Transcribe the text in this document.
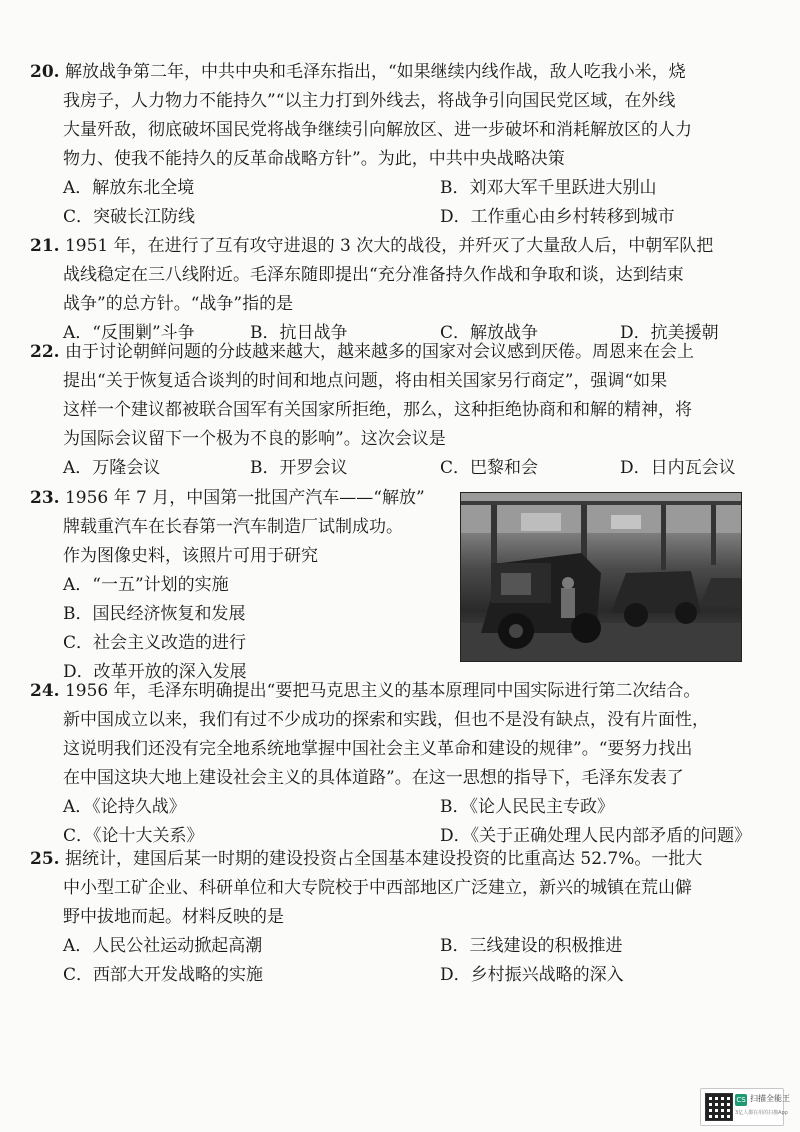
20. 解放战争第二年，中共中央和毛泽东指出，“如果继续内线作战，敌人吃我小米，烧
我房子，人力物力不能持久”“以主力打到外线去，将战争引向国民党区域，在外线
大量歼敌，彻底破坏国民党将战争继续引向解放区、进一步破坏和消耗解放区的人力
物力、使我不能持久的反革命战略方针”。为此，中共中央战略决策
A．解放东北全境	B．刘邓大军千里跃进大别山
C．突破长江防线	D．工作重心由乡村转移到城市
21. 1951 年，在进行了互有攻守进退的 3 次大的战役，并歼灭了大量敌人后，中朝军队把
战线稳定在三八线附近。毛泽东随即提出“充分准备持久作战和争取和谈，达到结束
战争”的总方针。“战争”指的是
A．“反围剿”斗争	B．抗日战争	C．解放战争	D．抗美援朝
22. 由于讨论朝鲜问题的分歧越来越大，越来越多的国家对会议感到厌倦。周恩来在会上
提出“关于恢复适合谈判的时间和地点问题，将由相关国家另行商定”，强调“如果
这样一个建议都被联合国军有关国家所拒绝，那么，这种拒绝协商和和解的精神，将
为国际会议留下一个极为不良的影响”。这次会议是
A．万隆会议	B．开罗会议	C．巴黎和会	D．日内瓦会议
23. 1956 年 7 月，中国第一批国产汽车——“解放”
牌载重汽车在长春第一汽车制造厂试制成功。
作为图像史料，该照片可用于研究
A．“一五”计划的实施
B．国民经济恢复和发展
C．社会主义改造的进行
D．改革开放的深入发展
24. 1956 年，毛泽东明确提出“要把马克思主义的基本原理同中国实际进行第二次结合。
新中国成立以来，我们有过不少成功的探索和实践，但也不是没有缺点，没有片面性，
这说明我们还没有完全地系统地掌握中国社会主义革命和建设的规律”。“要努力找出
在中国这块大地上建设社会主义的具体道路”。在这一思想的指导下，毛泽东发表了
A．《论持久战》	B．《论人民民主专政》
C．《论十大关系》	D．《关于正确处理人民内部矛盾的问题》
25. 据统计，建国后某一时期的建设投资占全国基本建设投资的比重高达 52.7%。一批大
中小型工矿企业、科研单位和大专院校于中西部地区广泛建立，新兴的城镇在荒山僻
野中拔地而起。材料反映的是
A．人民公社运动掀起高潮	B．三线建设的积极推进
C．西部大开发战略的实施	D．乡村振兴战略的深入
CS 扫描全能王
3亿人都在用的扫描App
